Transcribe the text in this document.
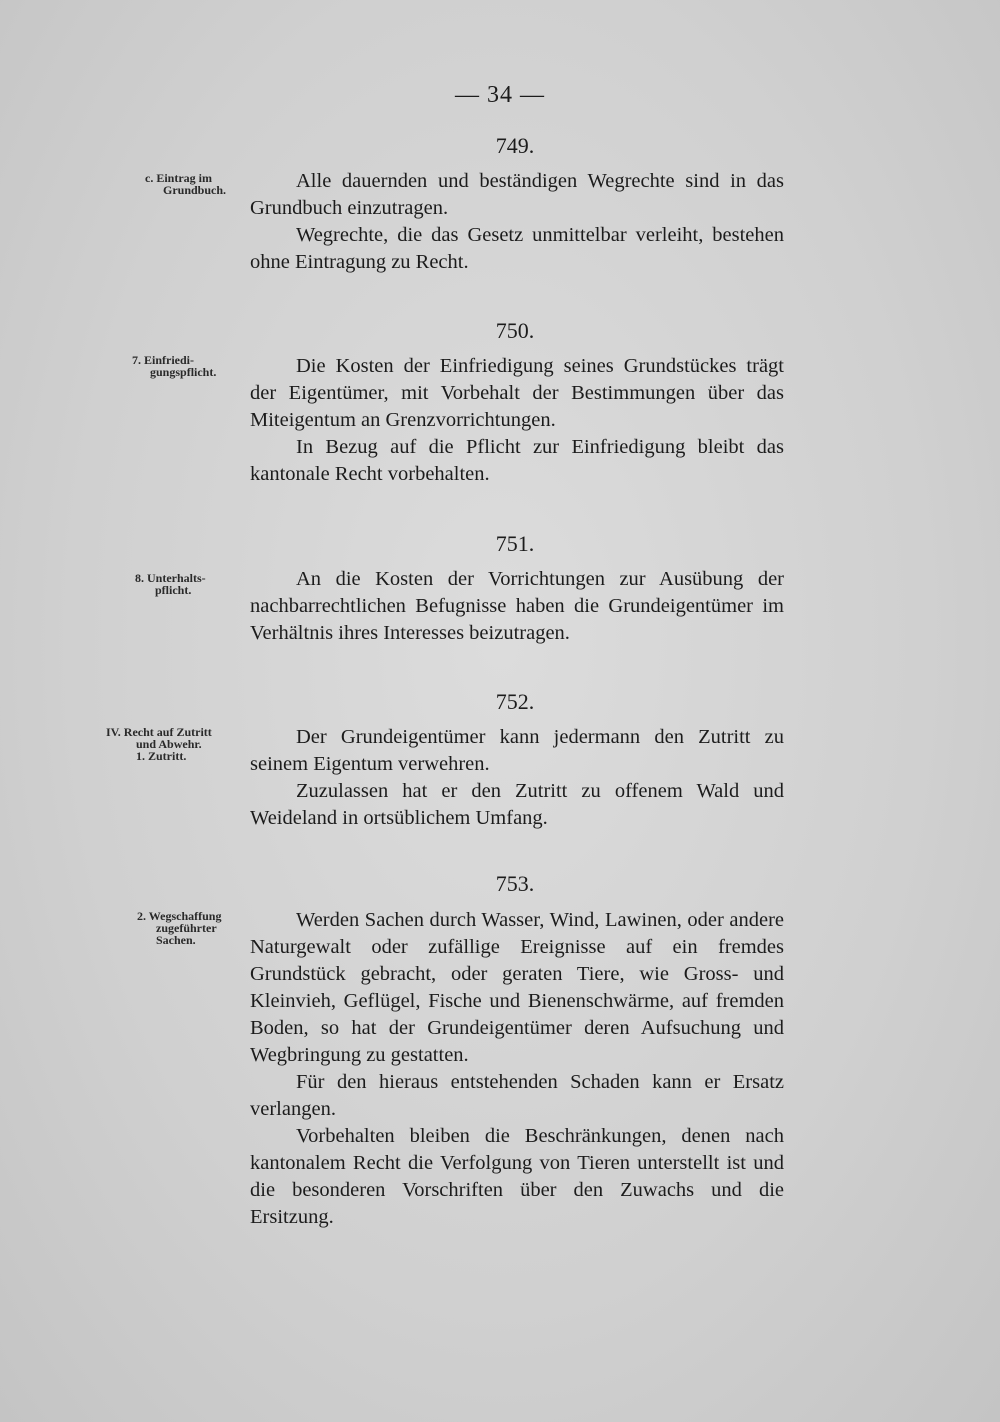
— 34 —
749.
c. Eintrag im
Grundbuch.	Alle dauernden und beständigen Wegrechte sind in das Grundbuch einzutragen.

Wegrechte, die das Gesetz unmittelbar verleiht, bestehen ohne Eintragung zu Recht.

750.
7. Einfriedi-
gungspflicht.	Die Kosten der Einfriedigung seines Grundstückes trägt der Eigentümer, mit Vorbehalt der Bestimmungen über das Miteigentum an Grenzvorrichtungen.

In Bezug auf die Pflicht zur Einfriedigung bleibt das kantonale Recht vorbehalten.

751.
8. Unterhalts-
pflicht.	An die Kosten der Vorrichtungen zur Ausübung der nachbarrechtlichen Befugnisse haben die Grundeigentümer im Verhältnis ihres Interesses beizutragen.

752.
IV. Recht auf Zutritt
und Abwehr.
1. Zutritt.

Der Grundeigentümer kann jedermann den Zutritt zu seinem Eigentum verwehren.

Zuzulassen hat er den Zutritt zu offenem Wald und Weideland in ortsüblichem Umfang.

753.
2. Wegschaffung
zugeführter
Sachen.

Werden Sachen durch Wasser, Wind, Lawinen, oder andere Naturgewalt oder zufällige Ereignisse auf ein fremdes Grundstück gebracht, oder geraten Tiere, wie Gross- und Kleinvieh, Geflügel, Fische und Bienenschwärme, auf fremden Boden, so hat der Grundeigentümer deren Aufsuchung und Wegbringung zu gestatten.

Für den hieraus entstehenden Schaden kann er Ersatz verlangen.

Vorbehalten bleiben die Beschränkungen, denen nach kantonalem Recht die Verfolgung von Tieren unterstellt ist und die besonderen Vorschriften über den Zuwachs und die Ersitzung.
